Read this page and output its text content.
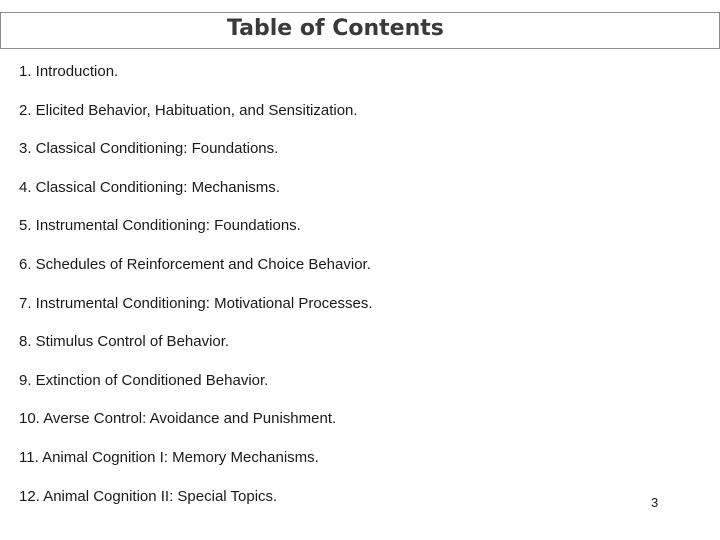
Table of Contents
1. Introduction.
2. Elicited Behavior, Habituation, and Sensitization.
3. Classical Conditioning: Foundations.
4. Classical Conditioning: Mechanisms.
5. Instrumental Conditioning: Foundations.
6. Schedules of Reinforcement and Choice Behavior.
7. Instrumental Conditioning: Motivational Processes.
8. Stimulus Control of Behavior.
9. Extinction of Conditioned Behavior.
10. Averse Control: Avoidance and Punishment.
11. Animal Cognition I: Memory Mechanisms.
12. Animal Cognition II: Special Topics.	3
